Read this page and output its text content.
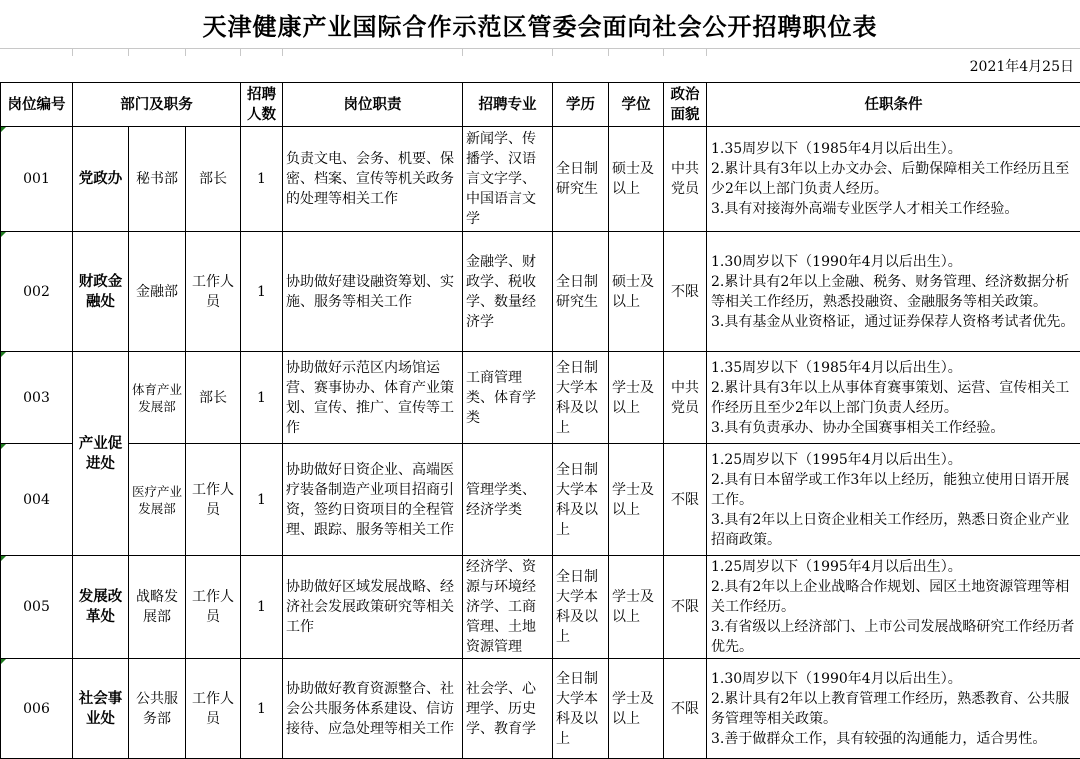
天津健康产业国际合作示范区管委会面向社会公开招聘职位表
2021年4月25日
岗位编号	部门及职务			招聘人数	岗位职责	招聘专业	学历	学位	政治面貌	任职条件
001	党政办	秘书部	部长	1	负责文电、会务、机要、保密、档案、宣传等机关政务的处理等相关工作	新闻学、传播学、汉语言文字学、中国语言文学	全日制研究生	硕士及以上	中共党员	1.35周岁以下（1985年4月以后出生）。
2.累计具有3年以上办文办会、后勤保障相关工作经历且至少2年以上部门负责人经历。
3.具有对接海外高端专业医学人才相关工作经验。

002	财政金融处	金融部	工作人员	1	协助做好建设融资筹划、实施、服务等相关工作	金融学、财政学、税收学、数量经济学	全日制研究生	硕士及以上	不限	1.30周岁以下（1990年4月以后出生）。
2.累计具有2年以上金融、税务、财务管理、经济数据分析等相关工作经历，熟悉投融资、金融服务等相关政策。
3.具有基金从业资格证，通过证券保荐人资格考试者优先。

003	产业促进处	体育产业发展部	部长	1	协助做好示范区内场馆运营、赛事协办、体育产业策划、宣传、推广、宣传等工作	工商管理类、体育学类	全日制大学本科及以上	学士及以上	中共党员	1.35周岁以下（1985年4月以后出生）。
2.累计具有3年以上从事体育赛事策划、运营、宣传相关工作经历且至少2年以上部门负责人经历。
3.具有负责承办、协办全国赛事相关工作经验。

004		医疗产业发展部	工作人员	1	协助做好日资企业、高端医疗装备制造产业项目招商引资，签约日资项目的全程管理、跟踪、服务等相关工作	管理学类、经济学类	全日制大学本科及以上	学士及以上	不限	1.25周岁以下（1995年4月以后出生）。
2.具有日本留学或工作3年以上经历，能独立使用日语开展工作。
3.具有2年以上日资企业相关工作经历，熟悉日资企业产业招商政策。

005	发展改革处	战略发展部	工作人员	1	协助做好区域发展战略、经济社会发展政策研究等相关工作	经济学、资源与环境经济学、工商管理、土地资源管理	全日制大学本科及以上	学士及以上	不限	1.25周岁以下（1995年4月以后出生）。
2.具有2年以上企业战略合作规划、园区土地资源管理等相关工作经历。
3.有省级以上经济部门、上市公司发展战略研究工作经历者优先。

006	社会事业处	公共服务部	工作人员	1	协助做好教育资源整合、社会公共服务体系建设、信访接待、应急处理等相关工作	社会学、心理学、历史学、教育学	全日制大学本科及以上	学士及以上	不限	1.30周岁以下（1990年4月以后出生）。
2.累计具有2年以上教育管理工作经历，熟悉教育、公共服务管理等相关政策。
3.善于做群众工作，具有较强的沟通能力，适合男性。
